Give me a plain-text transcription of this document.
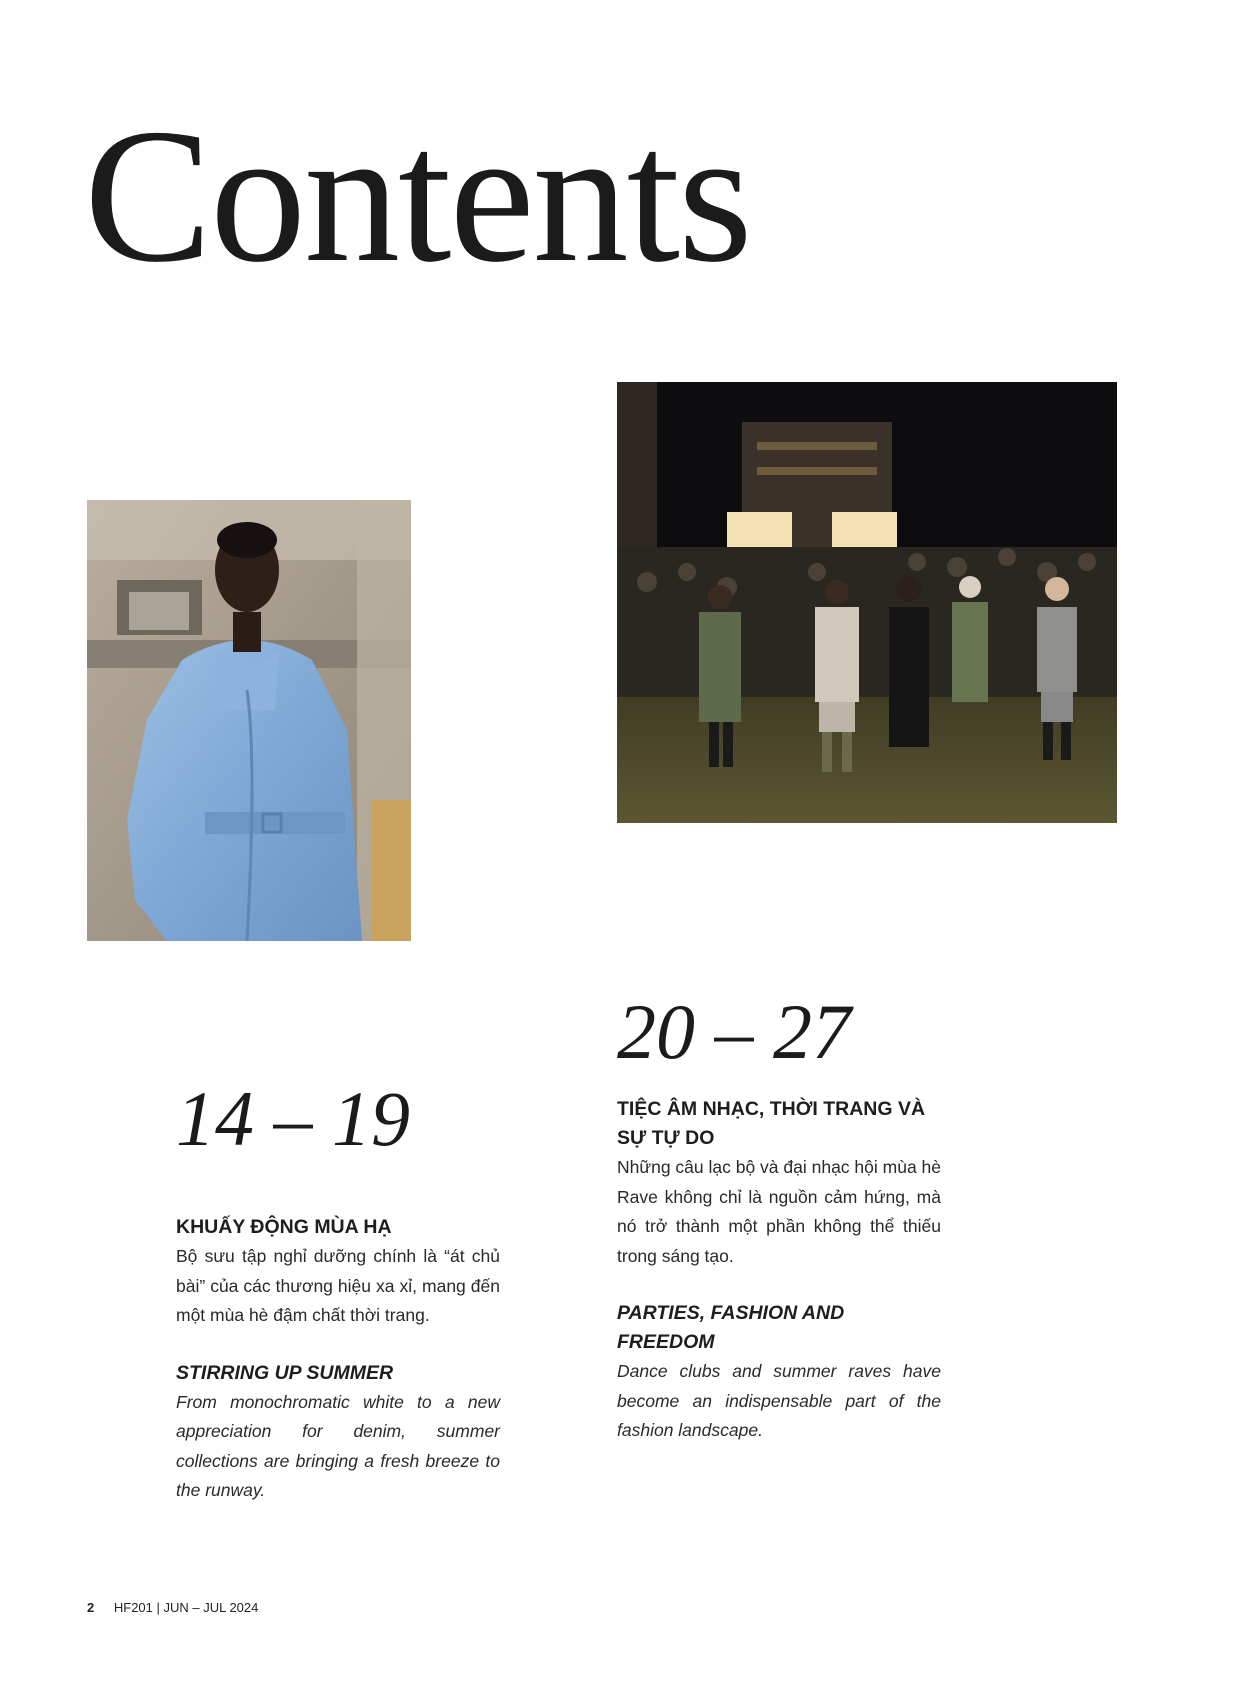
Contents
14 – 19
20 – 27

KHUẤY ĐỘNG MÙA HẠ

Bộ sưu tập nghỉ dưỡng chính là “át chủ bài” của các thương hiệu xa xỉ, mang đến một mùa hè đậm chất thời trang.

STIRRING UP SUMMER

From monochromatic white to a new appreciation for denim, summer collections are bringing a fresh breeze to the runway.

TIỆC ÂM NHẠC, THỜI TRANG VÀ SỰ TỰ DO

Những câu lạc bộ và đại nhạc hội mùa hè Rave không chỉ là nguồn cảm hứng, mà nó trở thành một phần không thể thiếu trong sáng tạo.

PARTIES, FASHION AND FREEDOM

Dance clubs and summer raves have become an indispensable part of the fashion landscape.

2 HF201 | JUN – JUL 2024
